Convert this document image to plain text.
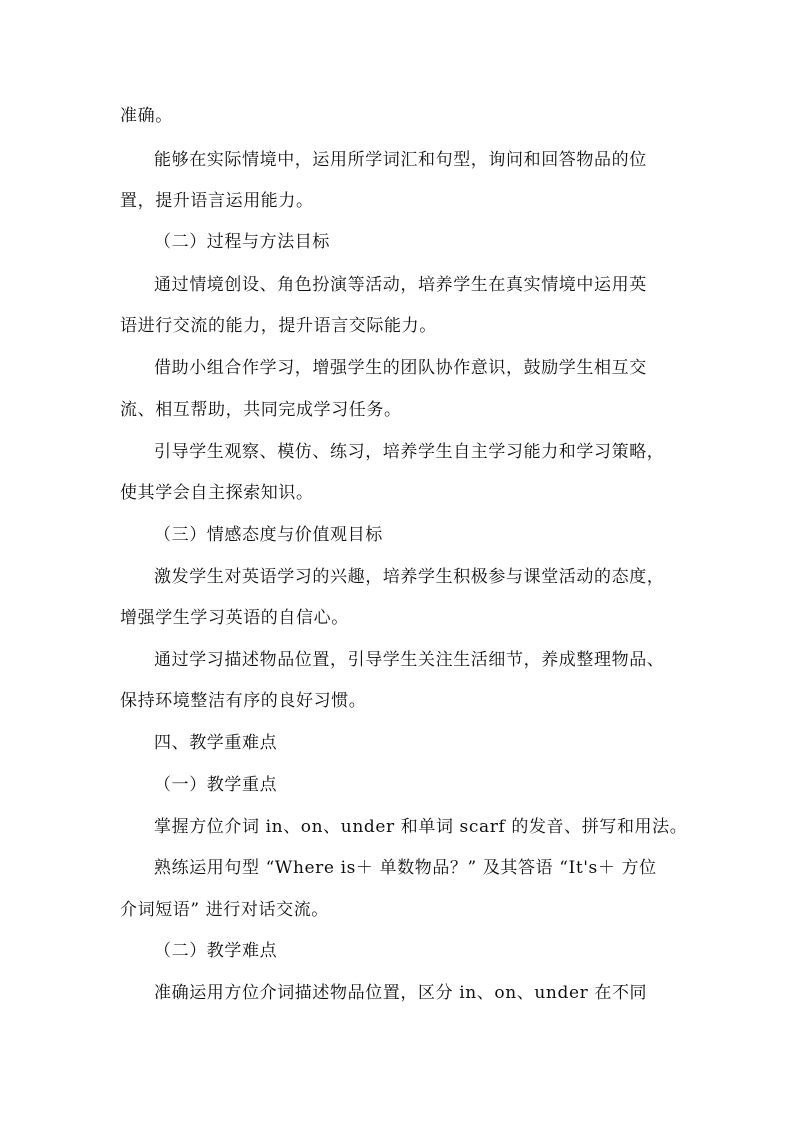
准确。
能够在实际情境中，运用所学词汇和句型，询问和回答物品的位
置，提升语言运用能力。
（二）过程与方法目标
通过情境创设、角色扮演等活动，培养学生在真实情境中运用英
语进行交流的能力，提升语言交际能力。
借助小组合作学习，增强学生的团队协作意识，鼓励学生相互交
流、相互帮助，共同完成学习任务。
引导学生观察、模仿、练习，培养学生自主学习能力和学习策略，
使其学会自主探索知识。
（三）情感态度与价值观目标
激发学生对英语学习的兴趣，培养学生积极参与课堂活动的态度，
增强学生学习英语的自信心。
通过学习描述物品位置，引导学生关注生活细节，养成整理物品、
保持环境整洁有序的良好习惯。
四、教学重难点
（一）教学重点
掌握方位介词 in、on、under 和单词 scarf 的发音、拼写和用法。
熟练运用句型 “Where is＋ 单数物品？” 及其答语 “It's＋ 方位
介词短语” 进行对话交流。
（二）教学难点
准确运用方位介词描述物品位置，区分 in、on、under 在不同
